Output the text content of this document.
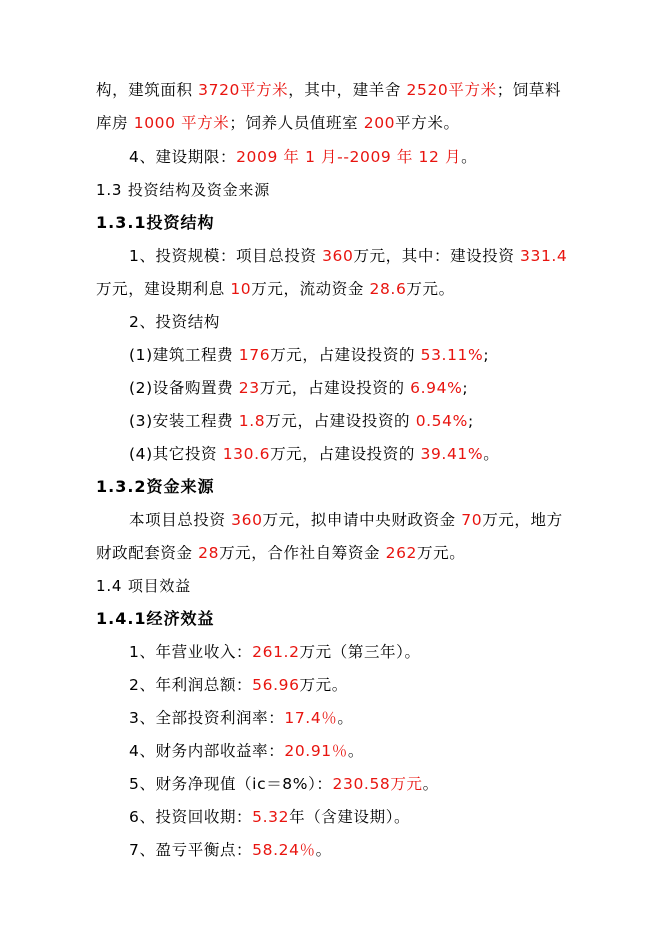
构，建筑面积 3720平方米，其中，建羊舍 2520平方米；饲草料
库房 1000 平方米；饲养人员值班室 200平方米。
4、建设期限：2009 年 1 月--2009 年 12 月。
1.3 投资结构及资金来源
1.3.1投资结构
1、投资规模：项目总投资 360万元，其中：建设投资 331.4
万元，建设期利息 10万元，流动资金 28.6万元。
2、投资结构
(1)建筑工程费 176万元，占建设投资的 53.11%;
(2)设备购置费 23万元，占建设投资的 6.94%;
(3)安装工程费 1.8万元，占建设投资的 0.54%;
(4)其它投资 130.6万元，占建设投资的 39.41%。
1.3.2资金来源
本项目总投资 360万元，拟申请中央财政资金 70万元，地方
财政配套资金 28万元，合作社自筹资金 262万元。
1.4 项目效益
1.4.1经济效益
1、年营业收入：261.2万元（第三年）。
2、年利润总额：56.96万元。
3、全部投资利润率：17.4％。
4、财务内部收益率：20.91％。
5、财务净现值（ic＝8%）：230.58万元。
6、投资回收期：5.32年（含建设期）。
7、盈亏平衡点：58.24％。
